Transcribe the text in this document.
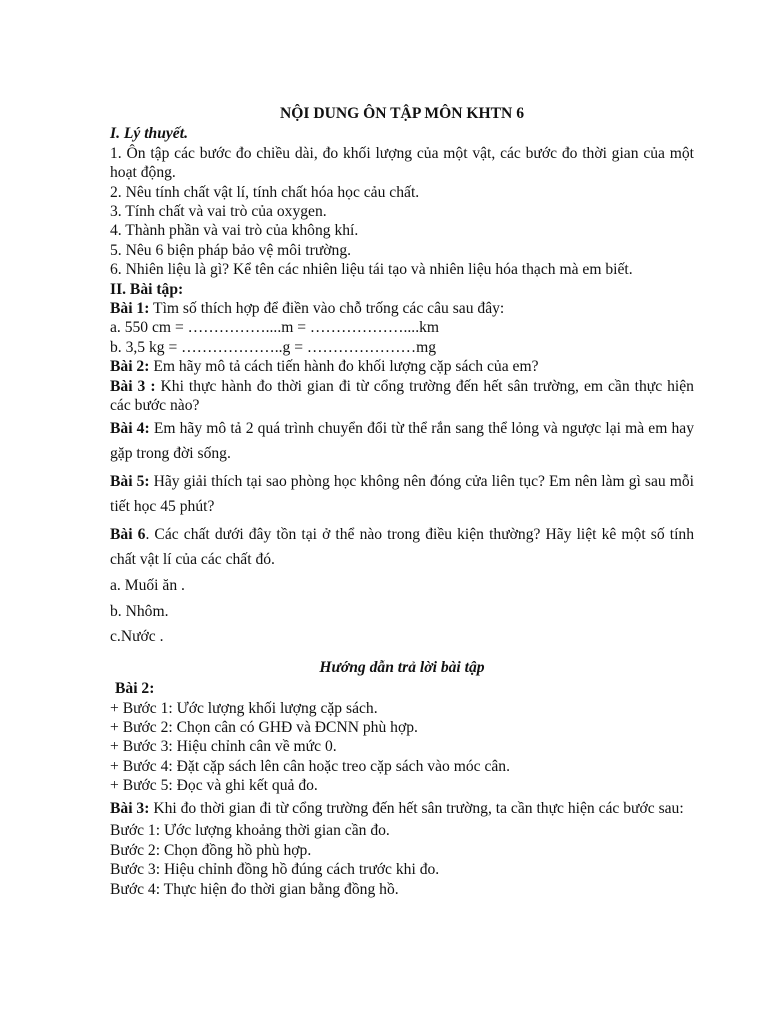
NỘI DUNG ÔN TẬP MÔN KHTN 6
I. Lý thuyết.
1. Ôn tập các bước đo chiều dài, đo khối lượng của một vật, các bước đo thời gian của một hoạt động.
2. Nêu tính chất vật lí, tính chất hóa học cảu chất.
3. Tính chất và vai trò của oxygen.
4. Thành phần và vai trò của không khí.
5. Nêu 6 biện pháp bảo vệ môi trường.
6. Nhiên liệu là gì? Kể tên các nhiên liệu tái tạo và nhiên liệu hóa thạch mà em biết.
II. Bài tập:
Bài 1: Tìm số thích hợp để điền vào chỗ trống các câu sau đây:
a. 550 cm = ……………....m = ………………....km
b. 3,5 kg = ………………..g = …………………mg
Bài 2: Em hãy mô tả cách tiến hành đo khối lượng cặp sách của em?
Bài 3 : Khi thực hành đo thời gian đi từ cổng trường đến hết sân trường, em cần thực hiện các bước nào?
Bài 4: Em hãy mô tả 2 quá trình chuyển đổi từ thể rắn sang thể lỏng và ngược lại mà em hay gặp trong đời sống.
Bài 5: Hãy giải thích tại sao phòng học không nên đóng cửa liên tục? Em nên làm gì sau mỗi tiết học 45 phút?
Bài 6. Các chất dưới đây tồn tại ở thể nào trong điều kiện thường? Hãy liệt kê một số tính chất vật lí của các chất đó.
a. Muối ăn .
b. Nhôm.
c.Nước .
Hướng dẫn trả lời bài tập
Bài 2:
+ Bước 1: Ước lượng khối lượng cặp sách.
+ Bước 2: Chọn cân có GHĐ và ĐCNN phù hợp.
+ Bước 3: Hiệu chỉnh cân về mức 0.
+ Bước 4: Đặt cặp sách lên cân hoặc treo cặp sách vào móc cân.
+ Bước 5: Đọc và ghi kết quả đo.
Bài 3: Khi đo thời gian đi từ cổng trường đến hết sân trường, ta cần thực hiện các bước sau:
Bước 1: Ước lượng khoảng thời gian cần đo.
Bước 2: Chọn đồng hồ phù hợp.
Bước 3: Hiệu chỉnh đồng hồ đúng cách trước khi đo.
Bước 4: Thực hiện đo thời gian bằng đồng hồ.
